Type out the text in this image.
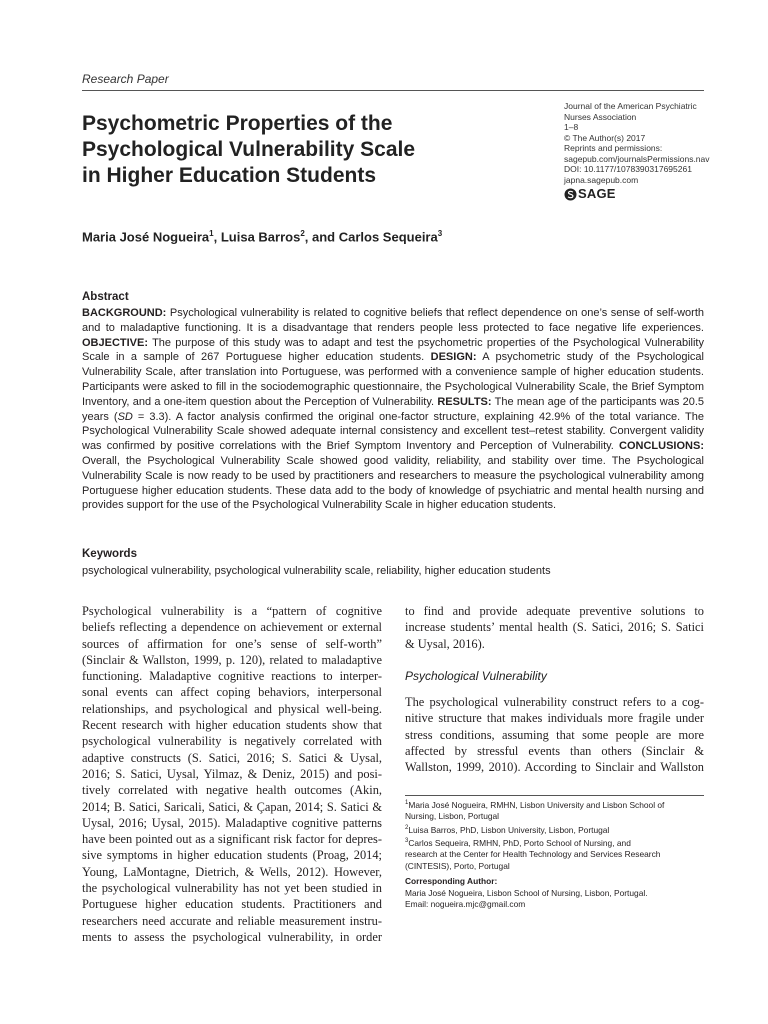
Research Paper
Psychometric Properties of the
Psychological Vulnerability Scale
in Higher Education Students
Journal of the American Psychiatric
Nurses Association
1–8
© The Author(s) 2017
Reprints and permissions:
sagepub.com/journalsPermissions.nav
DOI: 10.1177/1078390317695261
japna.sagepub.com
SAGE
Maria José Nogueira$^1$, Luisa Barros$^2$, and Carlos Sequeira$^3$
Abstract
BACKGROUND: Psychological vulnerability is related to cognitive beliefs that reflect dependence on one’s sense of self-worth and to maladaptive functioning. It is a disadvantage that renders people less protected to face negative life experiences. OBJECTIVE: The purpose of this study was to adapt and test the psychometric properties of the Psychological Vulnerability Scale in a sample of 267 Portuguese higher education students. DESIGN: A psychometric study of the Psychological Vulnerability Scale, after translation into Portuguese, was performed with a convenience sample of higher education students. Participants were asked to fill in the sociodemographic questionnaire, the Psychological Vulnerability Scale, the Brief Symptom Inventory, and a one-item question about the Perception of Vulnerability. RESULTS: The mean age of the participants was 20.5 years (SD = 3.3). A factor analysis confirmed the original one-factor structure, explaining 42.9% of the total variance. The Psychological Vulnerability Scale showed adequate internal consistency and excellent test–retest stability. Convergent validity was confirmed by positive correlations with the Brief Symptom Inventory and Perception of Vulnerability. CONCLUSIONS: Overall, the Psychological Vulnerability Scale showed good validity, reliability, and stability over time. The Psychological Vulnerability Scale is now ready to be used by practitioners and researchers to measure the psychological vulnerability among Portuguese higher education students. These data add to the body of knowledge of psychiatric and mental health nursing and provides support for the use of the Psychological Vulnerability Scale in higher education students.
Keywords
psychological vulnerability, psychological vulnerability scale, reliability, higher education students
Psychological vulnerability is a “pattern of cognitive
beliefs reflecting a dependence on achievement or external
sources of affirmation for one’s sense of self-worth”
(Sinclair & Wallston, 1999, p. 120), related to maladaptive
functioning. Maladaptive cognitive reactions to interper-
sonal events can affect coping behaviors, interpersonal
relationships, and psychological and physical well-being.
Recent research with higher education students show that
psychological vulnerability is negatively correlated with
adaptive constructs (S. Satici, 2016; S. Satici & Uysal,
2016; S. Satici, Uysal, Yilmaz, & Deniz, 2015) and posi-
tively correlated with negative health outcomes (Akin,
2014; B. Satici, Saricali, Satici, & Çapan, 2014; S. Satici &
Uysal, 2016; Uysal, 2015). Maladaptive cognitive patterns
have been pointed out as a significant risk factor for depres-
sive symptoms in higher education students (Proag, 2014;
Young, LaMontagne, Dietrich, & Wells, 2012). However,
the psychological vulnerability has not yet been studied in
Portuguese higher education students. Practitioners and
researchers need accurate and reliable measurement instru-
ments to assess the psychological vulnerability, in order
to find and provide adequate preventive solutions to
increase students’ mental health (S. Satici, 2016; S. Satici
& Uysal, 2016).
Psychological Vulnerability
The psychological vulnerability construct refers to a cog-
nitive structure that makes individuals more fragile under
stress conditions, assuming that some people are more
affected by stressful events than others (Sinclair &
Wallston, 1999, 2010). According to Sinclair and Wallston
$^1$Maria José Nogueira, RMHN, Lisbon University and Lisbon School of
Nursing, Lisbon, Portugal
$^2$Luisa Barros, PhD, Lisbon University, Lisbon, Portugal
$^3$Carlos Sequeira, RMHN, PhD, Porto School of Nursing, and
research at the Center for Health Technology and Services Research
(CINTESIS), Porto, Portugal
Corresponding Author:
Maria José Nogueira, Lisbon School of Nursing, Lisbon, Portugal.
Email: nogueira.mjc@gmail.com
